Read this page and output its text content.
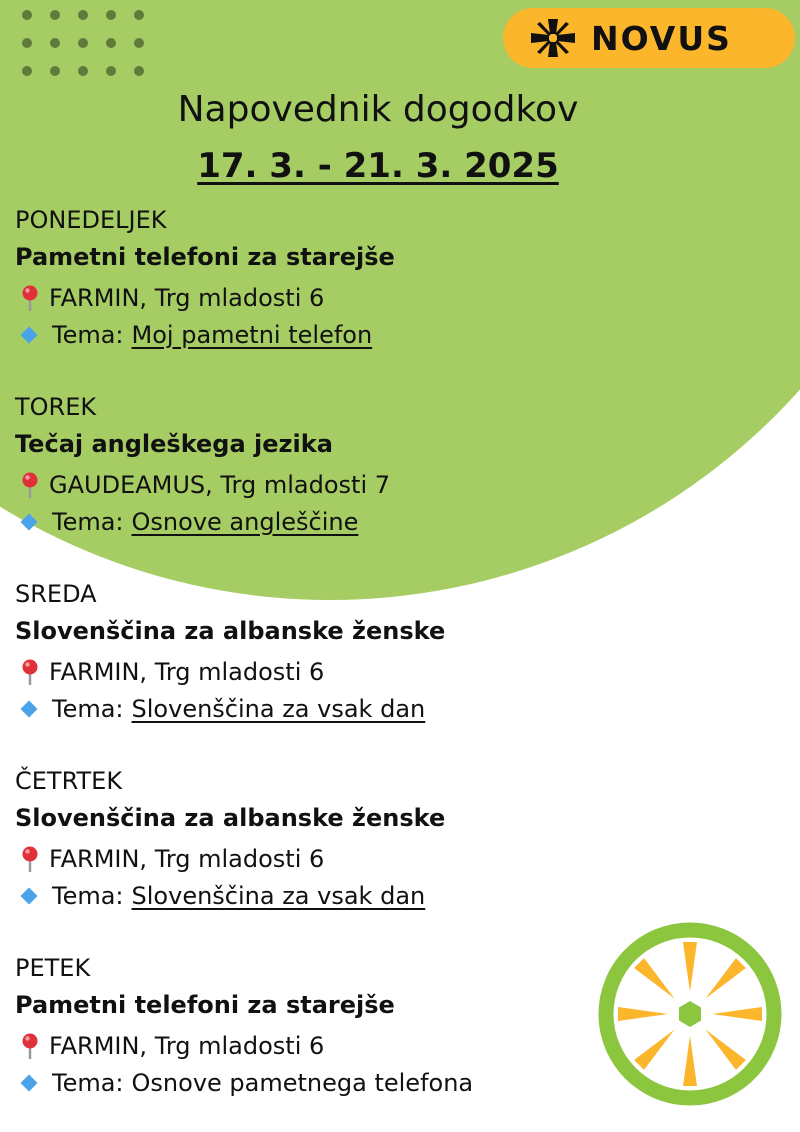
NOVUS
Napovednik dogodkov
17. 3. - 21. 3. 2025
PONEDELJEK
Pametni telefoni za starejše
FARMIN, Trg mladosti 6
Tema: Moj pametni telefon
TOREK
Tečaj angleškega jezika
GAUDEAMUS, Trg mladosti 7
Tema: Osnove angleščine
SREDA
Slovenščina za albanske ženske
FARMIN, Trg mladosti 6
Tema: Slovenščina za vsak dan
ČETRTEK
Slovenščina za albanske ženske
FARMIN, Trg mladosti 6
Tema: Slovenščina za vsak dan
PETEK
Pametni telefoni za starejše
FARMIN, Trg mladosti 6
Tema: Osnove pametnega telefona
